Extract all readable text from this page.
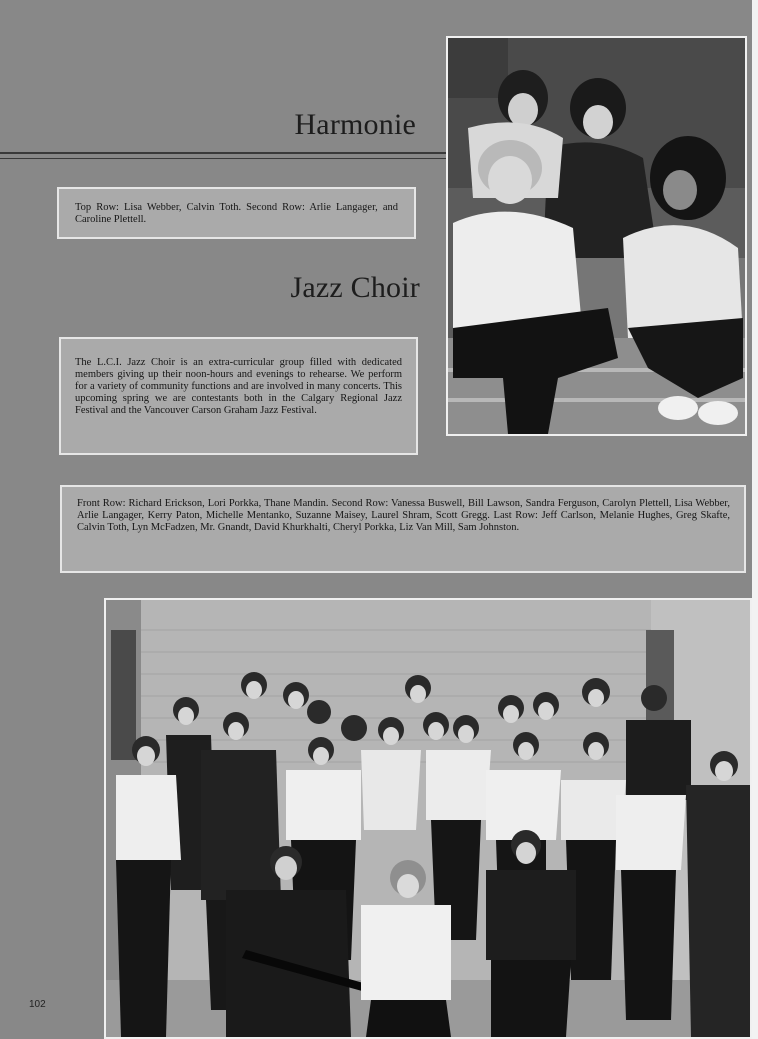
Harmonie

Top Row: Lisa Webber, Calvin Toth. Second Row: Arlie Langager, and Caroline Plettell.

Jazz Choir

The L.C.I. Jazz Choir is an extra-curricular group filled with dedicated members giving up their noon-hours and evenings to rehearse. We perform for a variety of community functions and are involved in many concerts. This upcoming spring we are contestants both in the Calgary Regional Jazz Festival and the Vancouver Carson Graham Jazz Festival.

Front Row: Richard Erickson, Lori Porkka, Thane Mandin. Second Row: Vanessa Buswell, Bill Lawson, Sandra Ferguson, Carolyn Plettell, Lisa Webber, Arlie Langager, Kerry Paton, Michelle Mentanko, Suzanne Maisey, Laurel Shram, Scott Gregg. Last Row: Jeff Carlson, Melanie Hughes, Greg Skafte, Calvin Toth, Lyn McFadzen, Mr. Gnandt, David Khurkhalti, Cheryl Porkka, Liz Van Mill, Sam Johnston.

102
